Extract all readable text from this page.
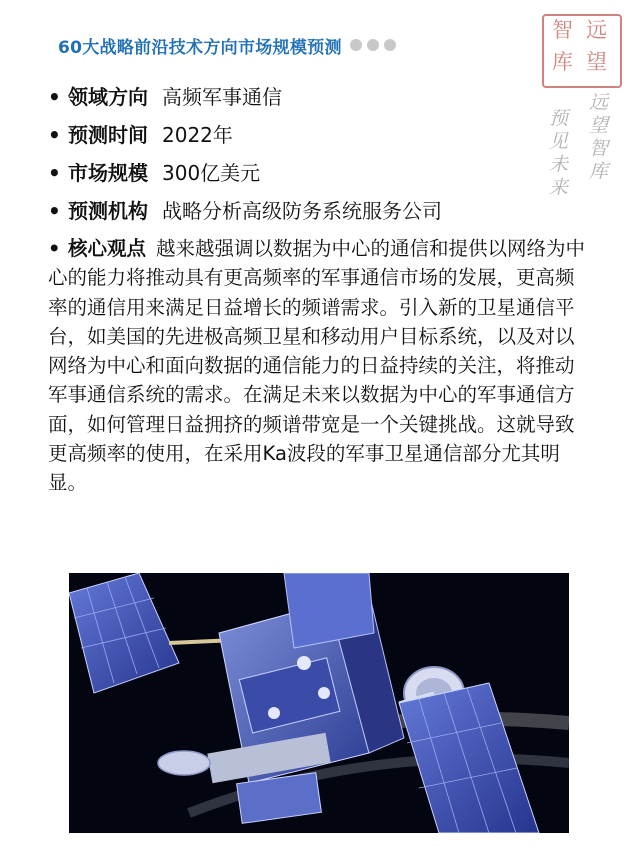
60大战略前沿技术方向市场规模预测
远
望
智
库
远望智库
预见未来
• 领域方向 高频军事通信
• 预测时间 2022年
• 市场规模 300亿美元
• 预测机构 战略分析高级防务系统服务公司
• 核心观点 越来越强调以数据为中心的通信和提供以网络为中心的能力将推动具有更高频率的军事通信市场的发展，更高频率的通信用来满足日益增长的频谱需求。引入新的卫星通信平台，如美国的先进极高频卫星和移动用户目标系统，以及对以网络为中心和面向数据的通信能力的日益持续的关注，将推动军事通信系统的需求。在满足未来以数据为中心的军事通信方面，如何管理日益拥挤的频谱带宽是一个关键挑战。这就导致更高频率的使用，在采用Ka波段的军事卫星通信部分尤其明显。
